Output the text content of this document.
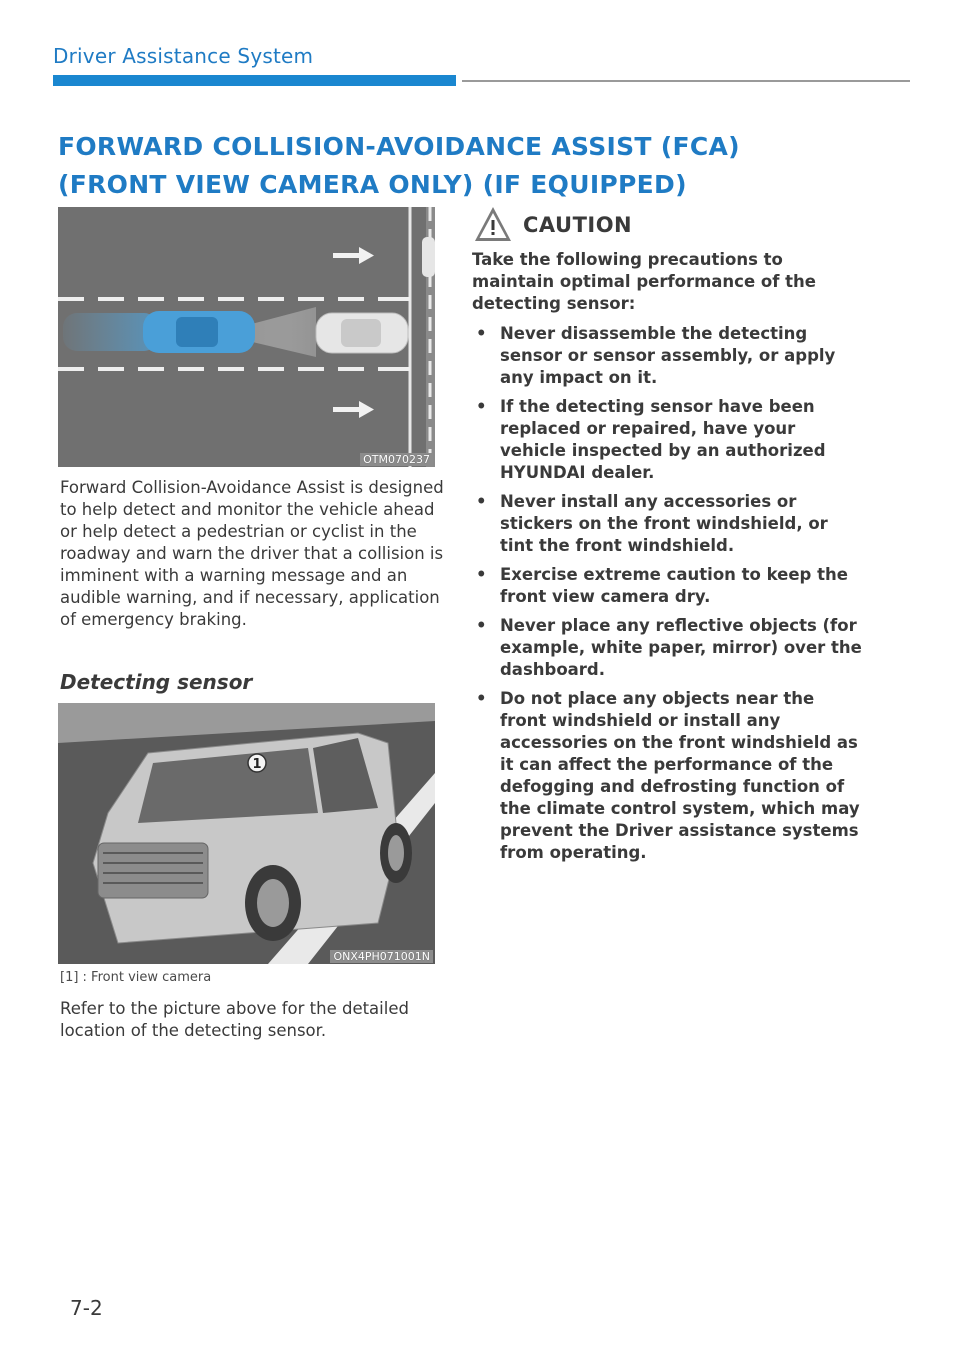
Driver Assistance System
FORWARD COLLISION-AVOIDANCE ASSIST (FCA)
(FRONT VIEW CAMERA ONLY) (IF EQUIPPED)
OTM070237
Forward Collision-Avoidance Assist is designed to help detect and monitor the vehicle ahead or help detect a pedestrian or cyclist in the roadway and warn the driver that a collision is imminent with a warning message and an audible warning, and if necessary, application of emergency braking.
Detecting sensor
1
ONX4PH071001N
[1] : Front view camera
Refer to the picture above for the detailed location of the detecting sensor.
CAUTION
Take the following precautions to maintain optimal performance of the detecting sensor:
• Never disassemble the detecting sensor or sensor assembly, or apply any impact on it.
• If the detecting sensor have been replaced or repaired, have your vehicle inspected by an authorized HYUNDAI dealer.
• Never install any accessories or stickers on the front windshield, or tint the front windshield.
• Exercise extreme caution to keep the front view camera dry.
• Never place any reflective objects (for example, white paper, mirror) over the dashboard.
• Do not place any objects near the front windshield or install any accessories on the front windshield as it can affect the performance of the defogging and defrosting function of the climate control system, which may prevent the Driver assistance systems from operating.
7-2
